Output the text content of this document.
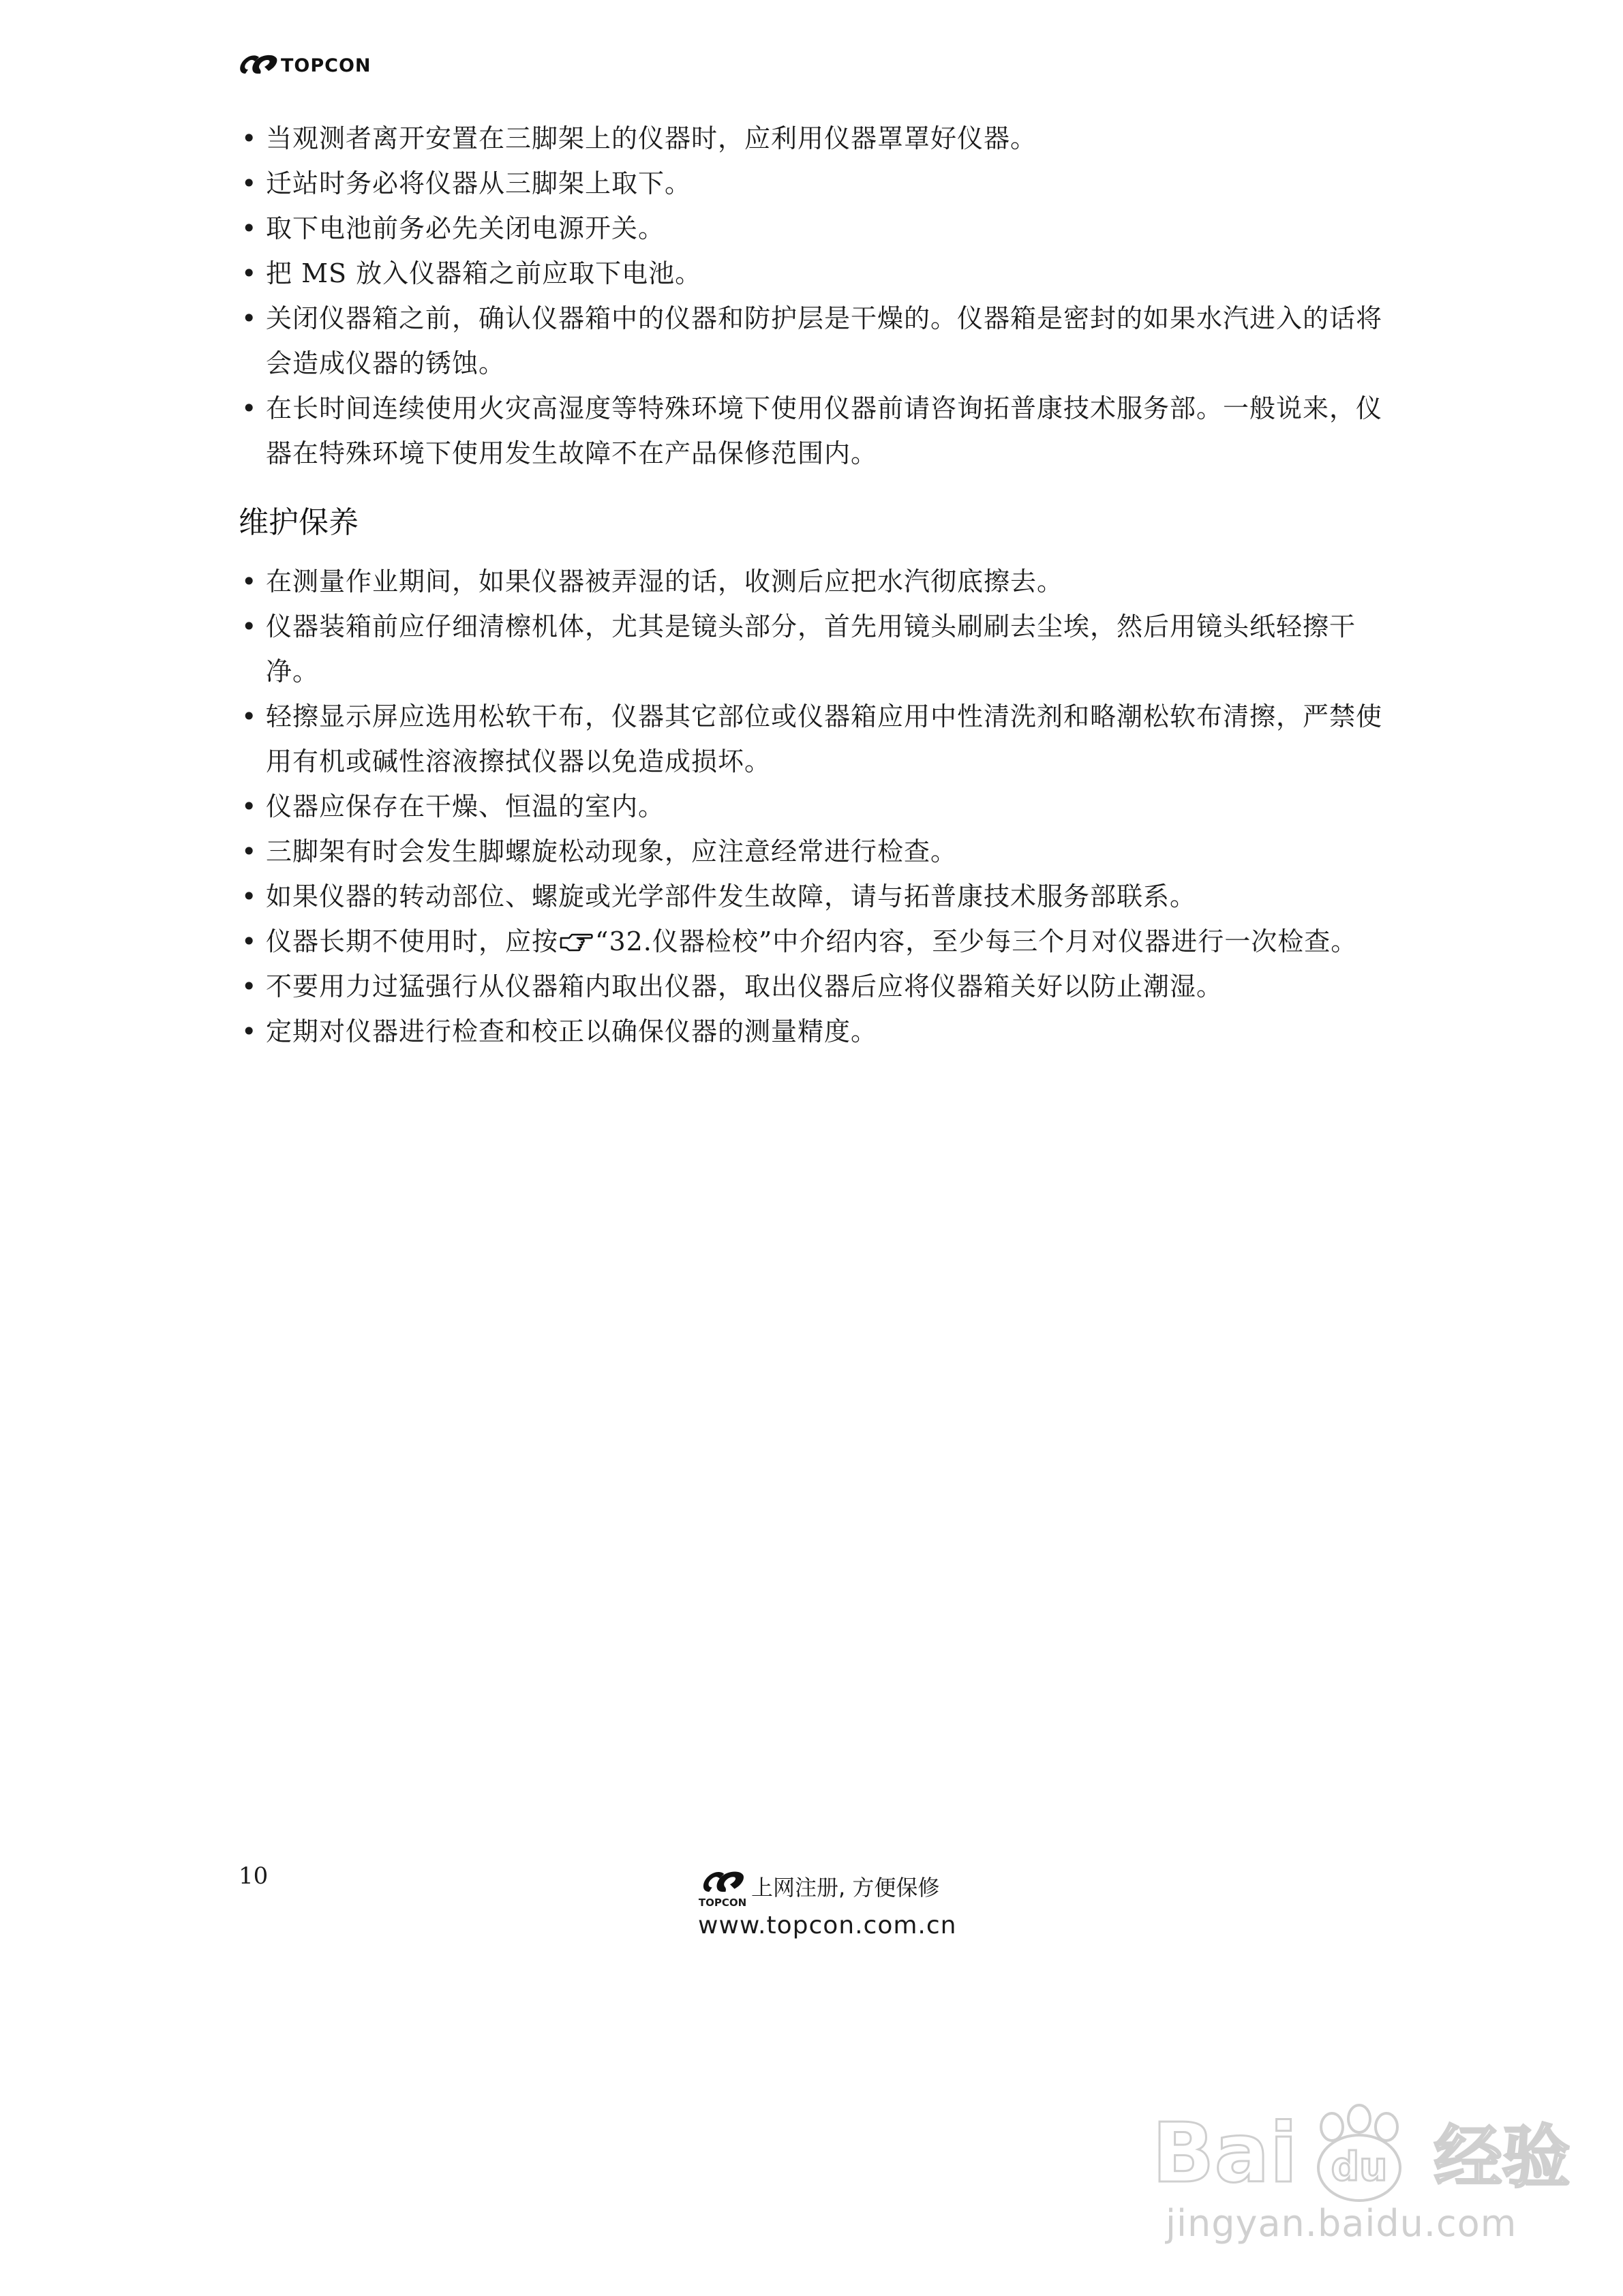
TOPCON
• 当观测者离开安置在三脚架上的仪器时，应利用仪器罩罩好仪器。
• 迁站时务必将仪器从三脚架上取下。
• 取下电池前务必先关闭电源开关。
• 把 MS 放入仪器箱之前应取下电池。
• 关闭仪器箱之前，确认仪器箱中的仪器和防护层是干燥的。仪器箱是密封的如果水汽进入的话将会造成仪器的锈蚀。
• 在长时间连续使用火灾高湿度等特殊环境下使用仪器前请咨询拓普康技术服务部。一般说来，仪器在特殊环境下使用发生故障不在产品保修范围内。
维护保养
• 在测量作业期间，如果仪器被弄湿的话，收测后应把水汽彻底擦去。
• 仪器装箱前应仔细清檫机体，尤其是镜头部分，首先用镜头刷刷去尘埃，然后用镜头纸轻擦干净。
• 轻擦显示屏应选用松软干布，仪器其它部位或仪器箱应用中性清洗剂和略潮松软布清擦，严禁使用有机或碱性溶液擦拭仪器以免造成损坏。
• 仪器应保存在干燥、恒温的室内。
• 三脚架有时会发生脚螺旋松动现象，应注意经常进行检查。
• 如果仪器的转动部位、螺旋或光学部件发生故障，请与拓普康技术服务部联系。
• 仪器长期不使用时，应按 “32.仪器检校”中介绍内容，至少每三个月对仪器进行一次检查。
• 不要用力过猛强行从仪器箱内取出仪器，取出仪器后应将仪器箱关好以防止潮湿。
• 定期对仪器进行检查和校正以确保仪器的测量精度。
10
TOPCON
上网注册, 方便保修
www.topcon.com.cn
Bai du 经验
jingyan.baidu.com
